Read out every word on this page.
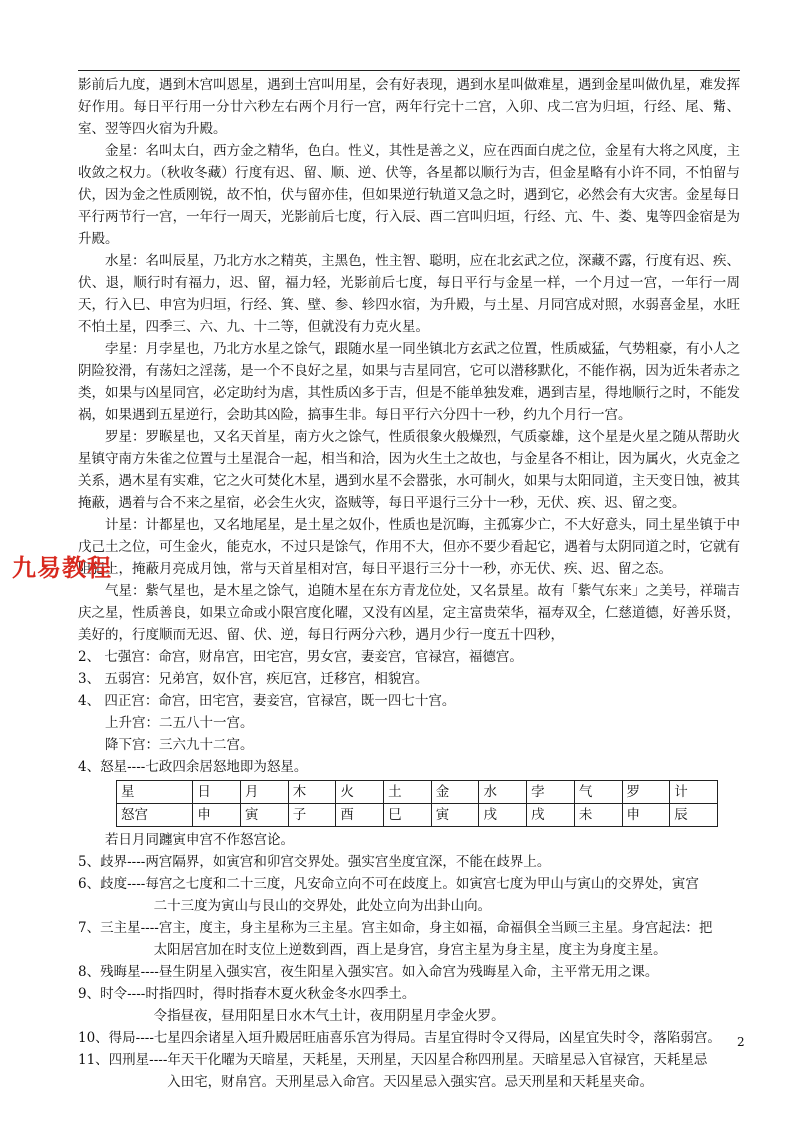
影前后九度，遇到木宫叫恩星，遇到土宫叫用星，会有好表现，遇到水星叫做难星，遇到金星叫做仇星，难发挥好作用。每日平行用一分廿六秒左右两个月行一宫，两年行完十二宫，入卯、戌二宫为归垣，行经、尾、觜、室、翌等四火宿为升殿。

金星：名叫太白，西方金之精华，色白。性义，其性是善之义，应在西面白虎之位，金星有大将之风度，主收敛之权力。（秋收冬藏）行度有迟、留、顺、逆、伏等，各星都以顺行为吉，但金星略有小许不同，不怕留与伏，因为金之性质刚锐，故不怕，伏与留亦佳，但如果逆行轨道又急之时，遇到它，必然会有大灾害。金星每日平行两节行一宫，一年行一周天，光影前后七度，行入辰、酉二宫叫归垣，行经、亢、牛、娄、鬼等四金宿是为升殿。

水星：名叫辰星，乃北方水之精英，主黑色，性主智、聪明，应在北玄武之位，深藏不露，行度有迟、疾、伏、退，顺行时有福力，迟、留，福力轻，光影前后七度，每日平行与金星一样，一个月过一宫，一年行一周天，行入巳、申宫为归垣，行经、箕、壁、参、轸四水宿，为升殿，与土星、月同宫成对照，水弱喜金星，水旺不怕土星，四季三、六、九、十二等，但就没有力克火星。

孛星：月孛星也，乃北方水星之馀气，跟随水星一同坐镇北方玄武之位置，性质威猛，气势粗豪，有小人之阴险狡滑，有荡妇之淫荡，是一个不良好之星，如果与吉星同宫，它可以潜移默化，不能作祸，因为近朱者赤之类，如果与凶星同宫，必定助纣为虐，其性质凶多于吉，但是不能单独发难，遇到吉星，得地顺行之时，不能发祸，如果遇到五星逆行，会助其凶险，搞事生非。每日平行六分四十一秒，约九个月行一宫。

罗星：罗睺星也，又名天首星，南方火之馀气，性质很象火般燥烈，气质豪雄，这个星是火星之随从帮助火星镇守南方朱雀之位置与土星混合一起，相当和洽，因为火生土之故也，与金星各不相让，因为属火，火克金之关系，遇木星有实难，它之火可焚化木星，遇到水星不会嚣张，水可制火，如果与太阳同道，主天变日蚀，被其掩蔽，遇着与合不来之星宿，必会生火灾，盗贼等，每日平退行三分十一秒，无伏、疾、迟、留之变。

计星：计都星也，又名地尾星，是土星之奴仆，性质也是沉晦，主孤寡少亡，不大好意头，同土星坐镇于中戊己土之位，可生金火，能克水，不过只是馀气，作用不大，但亦不要少看起它，遇着与太阴同道之时，它就有阻犯上，掩蔽月亮成月蚀，常与天首星相对宫，每日平退行三分十一秒，亦无伏、疾、迟、留之态。

气星：紫气星也，是木星之馀气，追随木星在东方青龙位处，又名景星。故有「紫气东来」之美号，祥瑞吉庆之星，性质善良，如果立命或小限宫度化曜，又没有凶星，定主富贵荣华，福寿双全，仁慈道德，好善乐贤，美好的，行度顺而无迟、留、伏、逆，每日行两分六秒，遇月少行一度五十四秒，

2、 七强宫：命宫，财帛宫，田宅宫，男女宫，妻妾宫，官禄宫，福德宫。

3、 五弱宫：兄弟宫，奴仆宫，疾厄宫，迁移宫，相貌宫。

4、 四正宫：命宫，田宅宫，妻妾宫，官禄宫，既一四七十宫。

上升宫：二五八十一宫。

降下宫：三六九十二宫。

4、怒星----七政四余居怒地即为怒星。

星	日	月	木	火	土	金	水	孛	气	罗	计
怒宫	申	寅	子	酉	巳	寅	戌	戌	未	申	辰

若日月同躔寅申宫不作怒宫论。

5、歧界----两宫隔界，如寅宫和卯宫交界处。强实宫坐度宜深，不能在歧界上。

6、歧度----每宫之七度和二十三度，凡安命立向不可在歧度上。如寅宫七度为甲山与寅山的交界处，寅宫

二十三度为寅山与艮山的交界处，此处立向为出卦山向。

7、三主星----宫主，度主，身主星称为三主星。宫主如命，身主如福，命福俱全当顾三主星。身宫起法：把

太阳居宫加在时支位上逆数到酉，酉上是身宫，身宫主星为身主星，度主为身度主星。

8、残晦星----昼生阴星入强实宫，夜生阳星入强实宫。如入命宫为残晦星入命，主平常无用之课。

9、时令----时指四时，得时指春木夏火秋金冬水四季土。

令指昼夜，昼用阳星日水木气土计，夜用阴星月孛金火罗。

10、得局----七星四余诸星入垣升殿居旺庙喜乐宫为得局。吉星宜得时令又得局，凶星宜失时令，落陷弱宫。

11、四刑星----年天干化曜为天暗星，天耗星，天刑星，天囚星合称四刑星。天暗星忌入官禄宫，天耗星忌

入田宅，财帛宫。天刑星忌入命宫。天囚星忌入强实宫。忌天刑星和天耗星夹命。

九易教程
2
